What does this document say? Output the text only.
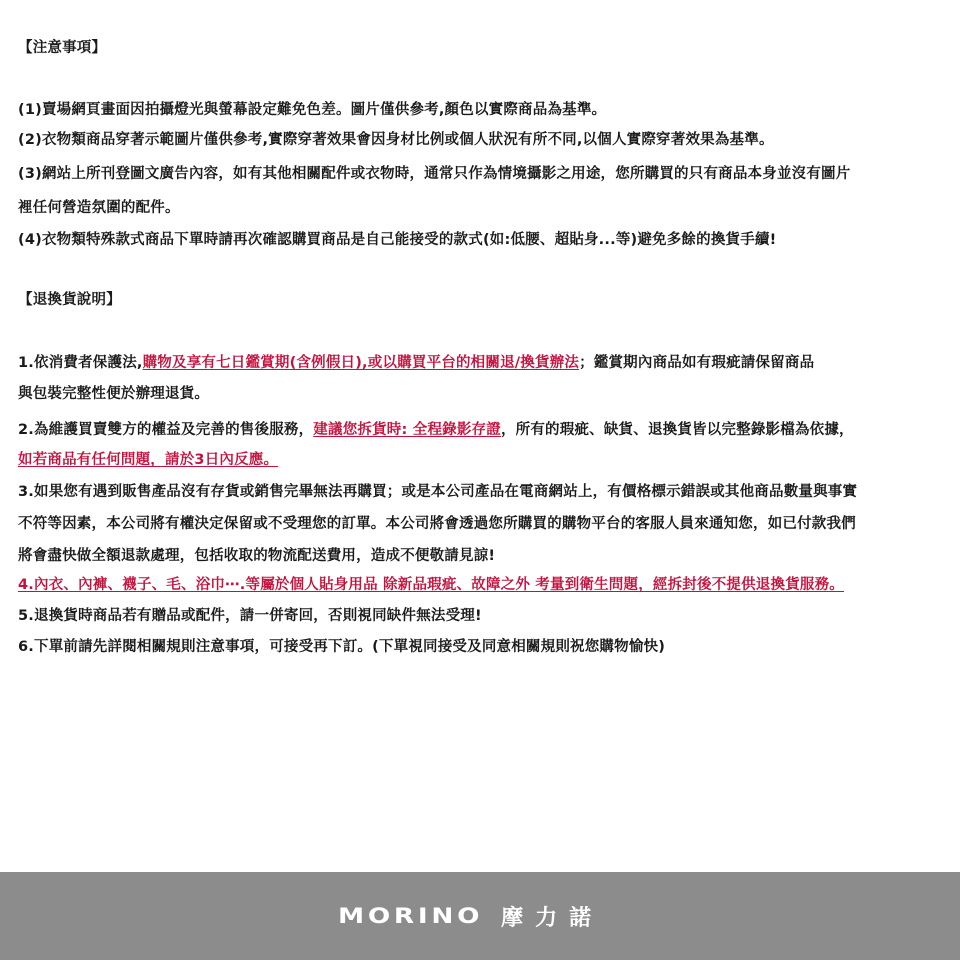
【注意事項】
(1)賣場網頁畫面因拍攝燈光與螢幕設定難免色差。圖片僅供參考,顏色以實際商品為基準。
(2)衣物類商品穿著示範圖片僅供參考,實際穿著效果會因身材比例或個人狀況有所不同,以個人實際穿著效果為基準。
(3)網站上所刊登圖文廣告內容，如有其他相關配件或衣物時，通常只作為情境攝影之用途，您所購買的只有商品本身並沒有圖片
裡任何營造氛圍的配件。
(4)衣物類特殊款式商品下單時請再次確認購買商品是自己能接受的款式(如:低腰、超貼身...等)避免多餘的換貨手續!
【退換貨說明】
1.依消費者保護法,購物及享有七日鑑賞期(含例假日),或以購買平台的相關退/換貨辦法；鑑賞期內商品如有瑕疵請保留商品
與包裝完整性便於辦理退貨。
2.為維護買賣雙方的權益及完善的售後服務，建議您拆貨時: 全程錄影存證，所有的瑕疵、缺貨、退換貨皆以完整錄影檔為依據，
如若商品有任何問題，請於3日內反應。
3.如果您有遇到販售產品沒有存貨或銷售完畢無法再購買；或是本公司產品在電商網站上，有價格標示錯誤或其他商品數量與事實
不符等因素，本公司將有權決定保留或不受理您的訂單。本公司將會透過您所購買的購物平台的客服人員來通知您，如已付款我們
將會盡快做全額退款處理，包括收取的物流配送費用，造成不便敬請見諒!
4.內衣、內褲、襪子、毛、浴巾⋯.等屬於個人貼身用品 除新品瑕疵、故障之外 考量到衛生問題，經拆封後不提供退換貨服務。
5.退換貨時商品若有贈品或配件，請一併寄回，否則視同缺件無法受理!
6.下單前請先詳閱相關規則注意事項，可接受再下訂。(下單視同接受及同意相關規則祝您購物愉快)
MORINO 摩力諾
